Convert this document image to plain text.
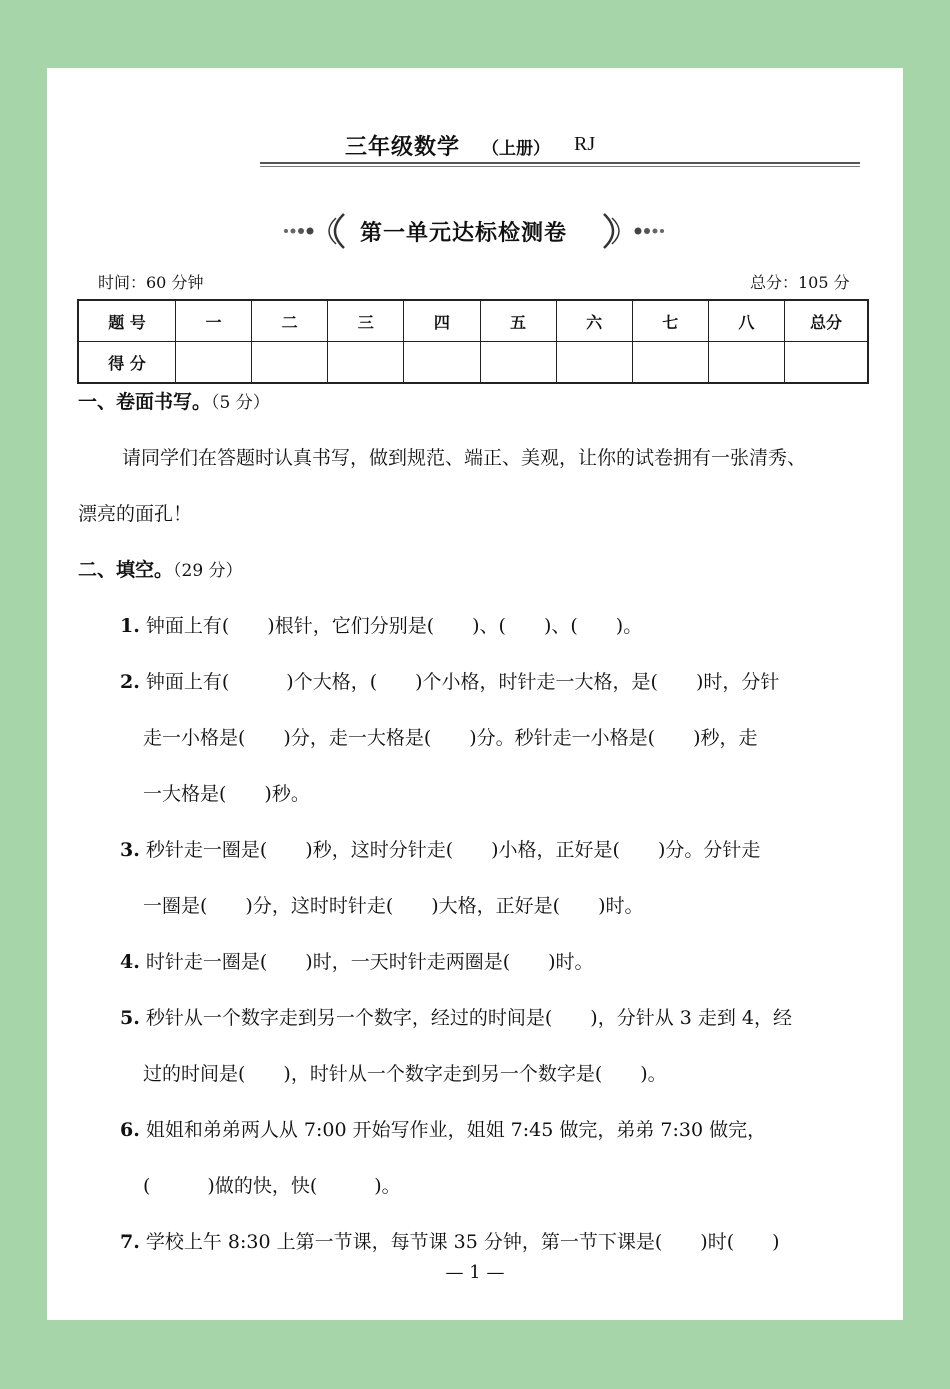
三年级数学 （上册） RJ
第一单元达标检测卷
时间：60 分钟	总分：105 分
题 号	一	二	三	四	五	六	七	八	总分
得 分									
一、卷面书写。（5 分）
请同学们在答题时认真书写，做到规范、端正、美观，让你的试卷拥有一张清秀、
漂亮的面孔！
二、填空。（29 分）
1. 钟面上有(　　)根针，它们分别是(　　)、(　　)、(　　)。
2. 钟面上有(　　　)个大格，(　　)个小格，时针走一大格，是(　　)时，分针
走一小格是(　　)分，走一大格是(　　)分。秒针走一小格是(　　)秒，走
一大格是(　　)秒。
3. 秒针走一圈是(　　)秒，这时分针走(　　)小格，正好是(　　)分。分针走
一圈是(　　)分，这时时针走(　　)大格，正好是(　　)时。
4. 时针走一圈是(　　)时，一天时针走两圈是(　　)时。
5. 秒针从一个数字走到另一个数字，经过的时间是(　　)，分针从 3 走到 4，经
过的时间是(　　)，时针从一个数字走到另一个数字是(　　)。
6. 姐姐和弟弟两人从 7:00 开始写作业，姐姐 7:45 做完，弟弟 7:30 做完，
(　　　)做的快，快(　　　)。
7. 学校上午 8:30 上第一节课，每节课 35 分钟，第一节下课是(　　)时(　　)
— 1 —
